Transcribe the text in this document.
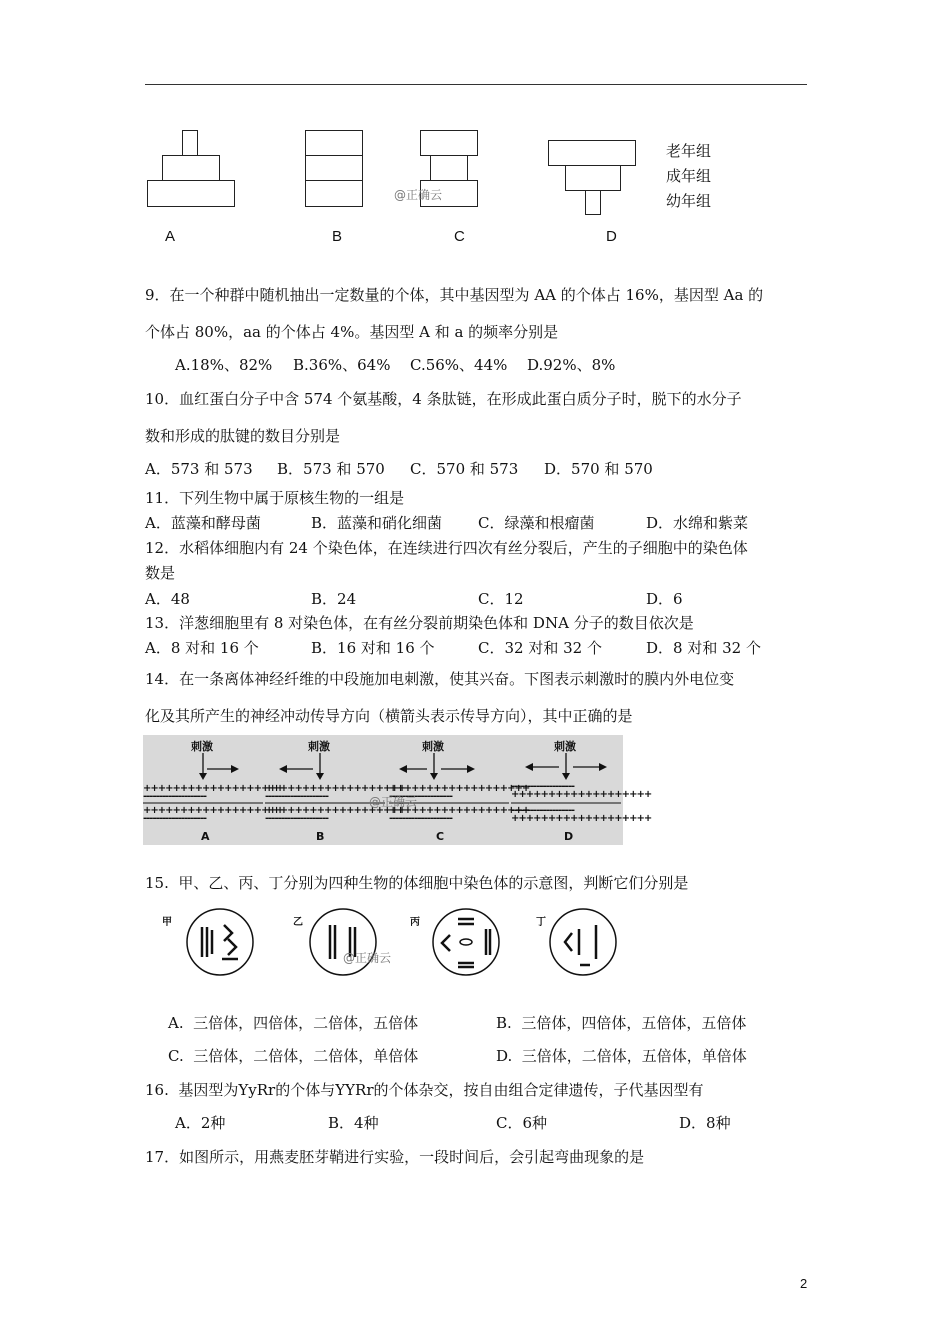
A	B	C	D
老年组
成年组
幼年组
@正确云
9．在一个种群中随机抽出一定数量的个体，其中基因型为 AA 的个体占 16%，基因型 Aa 的
个体占 80%，aa 的个体占 4%。基因型 A 和 a 的频率分别是
A.18%、82% B.36%、64% C.56%、44% D.92%、8%
10．血红蛋白分子中含 574 个氨基酸，4 条肽链，在形成此蛋白质分子时，脱下的水分子
数和形成的肽键的数目分别是
A．573 和 573 B．573 和 570 C．570 和 573 D．570 和 570
11．下列生物中属于原核生物的一组是
A．蓝藻和酵母菌	B．蓝藻和硝化细菌 C．绿藻和根瘤菌	D．水绵和紫菜
12．水稻体细胞内有 24 个染色体，在连续进行四次有丝分裂后，产生的子细胞中的染色体
数是
A．48	B．24	C．12	D．6
13．洋葱细胞里有 8 对染色体，在有丝分裂前期染色体和 DNA 分子的数目依次是
A．8 对和 16 个	B．16 对和 16 个	C．32 对和 32 个	D．8 对和 32 个
14．在一条离体神经纤维的中段施加电刺激，使其兴奋。下图表示刺激时的膜内外电位变
化及其所产生的神经冲动传导方向（横箭头表示传导方向），其中正确的是
+++++++++++++++++++
--------------------
+++++++++++++++++++
--------------------
+++++++++++++++++++
--------------------
+++++++++++++++++++
--------------------
+++++++++++++++++++
--------------------
+++++++++++++++++++
--------------------
--------------------
+++++++++++++++++++
--------------------
+++++++++++++++++++
刺激	刺激	刺激	刺激
A	B	C	D
@正确云
15.  甲、乙、丙、丁分别为四种生物的体细胞中染色体的示意图，判断它们分别是
甲	乙	丙	丁
@正确云
A.  三倍体，四倍体，二倍体，五倍体	B.  三倍体，四倍体，五倍体，五倍体
C.  三倍体，二倍体，二倍体，单倍体	D.  三倍体，二倍体，五倍体，单倍体
16.  基因型为YyRr的个体与YYRr的个体杂交，按自由组合定律遗传，子代基因型有
A．2种	B．4种	C．6种	D．8种
17．如图所示，用燕麦胚芽鞘进行实验，一段时间后，会引起弯曲现象的是
2
